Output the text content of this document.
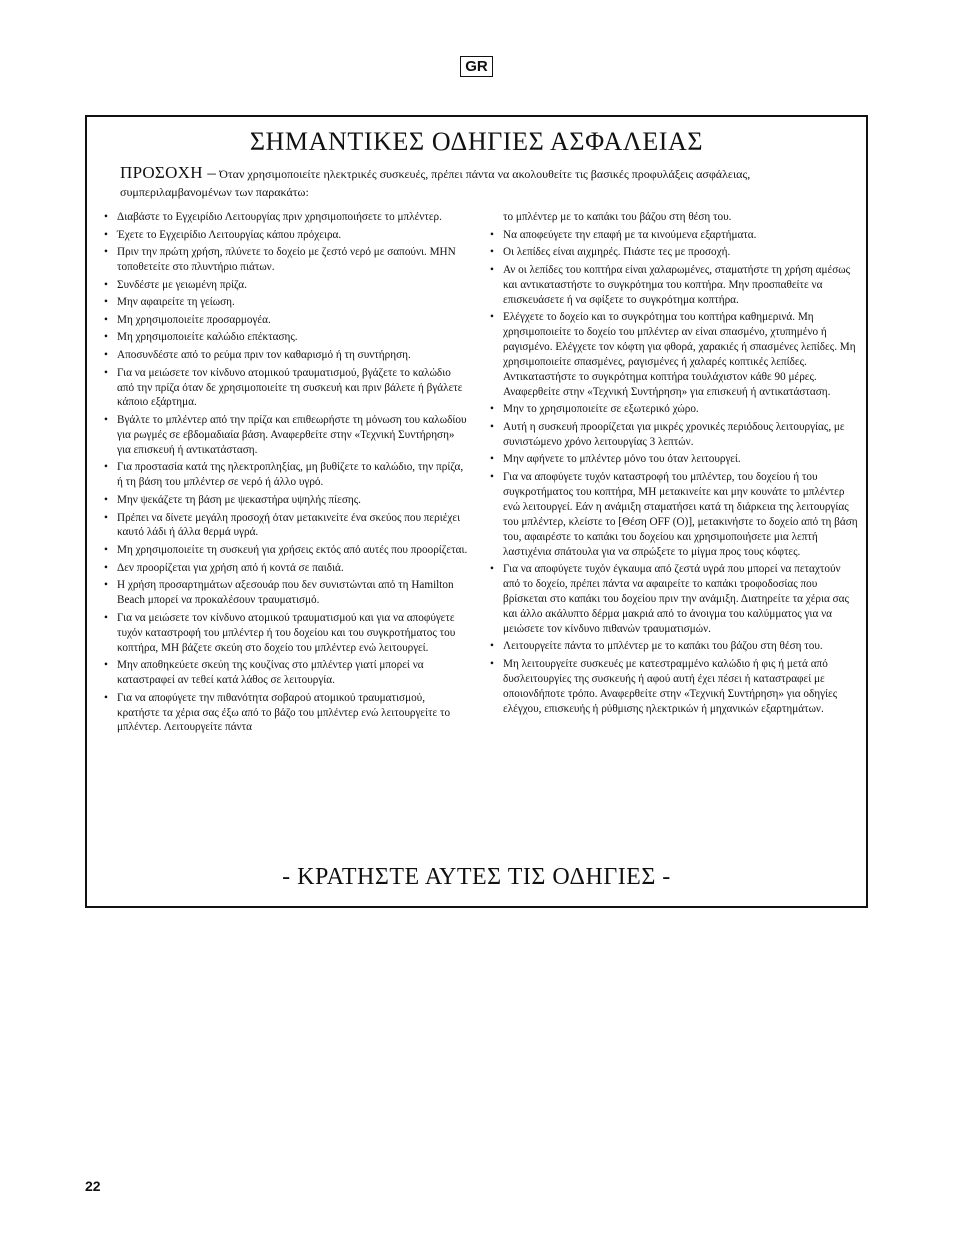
GR
ΣΗΜΑΝΤΙΚΕΣ ΟΔΗΓΙΕΣ ΑΣΦΑΛΕΙΑΣ
ΠΡΟΣΟΧΗ – Όταν χρησιμοποιείτε ηλεκτρικές συσκευές, πρέπει πάντα να ακολουθείτε τις βασικές προφυλάξεις ασφάλειας, συμπεριλαμβανομένων των παρακάτω:
• Διαβάστε το Εγχειρίδιο Λειτουργίας πριν χρησιμοποιήσετε το μπλέντερ.
• Έχετε το Εγχειρίδιο Λειτουργίας κάπου πρόχειρα.
• Πριν την πρώτη χρήση, πλύνετε το δοχείο με ζεστό νερό με σαπούνι. ΜΗΝ τοποθετείτε στο πλυντήριο πιάτων.
• Συνδέστε με γειωμένη πρίζα.
• Μην αφαιρείτε τη γείωση.
• Μη χρησιμοποιείτε προσαρμογέα.
• Μη χρησιμοποιείτε καλώδιο επέκτασης.
• Αποσυνδέστε από το ρεύμα πριν τον καθαρισμό ή τη συντήρηση.
• Για να μειώσετε τον κίνδυνο ατομικού τραυματισμού, βγάζετε το καλώδιο από την πρίζα όταν δε χρησιμοποιείτε τη συσκευή και πριν βάλετε ή βγάλετε κάποιο εξάρτημα.
• Βγάλτε το μπλέντερ από την πρίζα και επιθεωρήστε τη μόνωση του καλωδίου για ρωγμές σε εβδομαδιαία βάση. Αναφερθείτε στην «Τεχνική Συντήρηση» για επισκευή ή αντικατάσταση.
• Για προστασία κατά της ηλεκτροπληξίας, μη βυθίζετε το καλώδιο, την πρίζα, ή τη βάση του μπλέντερ σε νερό ή άλλο υγρό.
• Μην ψεκάζετε τη βάση με ψεκαστήρα υψηλής πίεσης.
• Πρέπει να δίνετε μεγάλη προσοχή όταν μετακινείτε ένα σκεύος που περιέχει καυτό λάδι ή άλλα θερμά υγρά.
• Μη χρησιμοποιείτε τη συσκευή για χρήσεις εκτός από αυτές που προορίζεται.
• Δεν προορίζεται για χρήση από ή κοντά σε παιδιά.
• Η χρήση προσαρτημάτων αξεσουάρ που δεν συνιστώνται από τη Hamilton Beach μπορεί να προκαλέσουν τραυματισμό.
• Για να μειώσετε τον κίνδυνο ατομικού τραυματισμού και για να αποφύγετε τυχόν καταστροφή του μπλέντερ ή του δοχείου και του συγκροτήματος του κοπτήρα, ΜΗ βάζετε σκεύη στο δοχείο του μπλέντερ ενώ λειτουργεί.
• Μην αποθηκεύετε σκεύη της κουζίνας στο μπλέντερ γιατί μπορεί να καταστραφεί αν τεθεί κατά λάθος σε λειτουργία.
• Για να αποφύγετε την πιθανότητα σοβαρού ατομικού τραυματισμού, κρατήστε τα χέρια σας έξω από το βάζο του μπλέντερ ενώ λειτουργείτε το μπλέντερ. Λειτουργείτε πάντα
το μπλέντερ με το καπάκι του βάζου στη θέση του.
• Να αποφεύγετε την επαφή με τα κινούμενα εξαρτήματα.
• Οι λεπίδες είναι αιχμηρές. Πιάστε τες με προσοχή.
• Αν οι λεπίδες του κοπτήρα είναι χαλαρωμένες, σταματήστε τη χρήση αμέσως και αντικαταστήστε το συγκρότημα του κοπτήρα. Μην προσπαθείτε να επισκευάσετε ή να σφίξετε το συγκρότημα κοπτήρα.
• Ελέγχετε το δοχείο και το συγκρότημα του κοπτήρα καθημερινά. Μη χρησιμοποιείτε το δοχείο του μπλέντερ αν είναι σπασμένο, χτυπημένο ή ραγισμένο. Ελέγχετε τον κόφτη για φθορά, χαρακιές ή σπασμένες λεπίδες. Μη χρησιμοποιείτε σπασμένες, ραγισμένες ή χαλαρές κοπτικές λεπίδες. Αντικαταστήστε το συγκρότημα κοπτήρα τουλάχιστον κάθε 90 μέρες. Αναφερθείτε στην «Τεχνική Συντήρηση» για επισκευή ή αντικατάσταση.
• Μην το χρησιμοποιείτε σε εξωτερικό χώρο.
• Αυτή η συσκευή προορίζεται για μικρές χρονικές περιόδους λειτουργίας, με συνιστώμενο χρόνο λειτουργίας 3 λεπτών.
• Μην αφήνετε το μπλέντερ μόνο του όταν λειτουργεί.
• Για να αποφύγετε τυχόν καταστροφή του μπλέντερ, του δοχείου ή του συγκροτήματος του κοπτήρα, ΜΗ μετακινείτε και μην κουνάτε το μπλέντερ ενώ λειτουργεί. Εάν η ανάμιξη σταματήσει κατά τη διάρκεια της λειτουργίας του μπλέντερ, κλείστε το [Θέση OFF (O)], μετακινήστε το δοχείο από τη βάση του, αφαιρέστε το καπάκι του δοχείου και χρησιμοποιήσετε μια λεπτή λαστιχένια σπάτουλα για να σπρώξετε το μίγμα προς τους κόφτες.
• Για να αποφύγετε τυχόν έγκαυμα από ζεστά υγρά που μπορεί να πεταχτούν από το δοχείο, πρέπει πάντα να αφαιρείτε το καπάκι τροφοδοσίας που βρίσκεται στο καπάκι του δοχείου πριν την ανάμιξη. Διατηρείτε τα χέρια σας και άλλο ακάλυπτο δέρμα μακριά από το άνοιγμα του καλύμματος για να μειώσετε τον κίνδυνο πιθανών τραυματισμών.
• Λειτουργείτε πάντα το μπλέντερ με το καπάκι του βάζου στη θέση του.
• Μη λειτουργείτε συσκευές με κατεστραμμένο καλώδιο ή φις ή μετά από δυσλειτουργίες της συσκευής ή αφού αυτή έχει πέσει ή καταστραφεί με οποιονδήποτε τρόπο. Αναφερθείτε στην «Τεχνική Συντήρηση» για οδηγίες ελέγχου, επισκευής ή ρύθμισης ηλεκτρικών ή μηχανικών εξαρτημάτων.
- ΚΡΑΤΗΣΤΕ ΑΥΤΕΣ ΤΙΣ ΟΔΗΓΙΕΣ -
22
